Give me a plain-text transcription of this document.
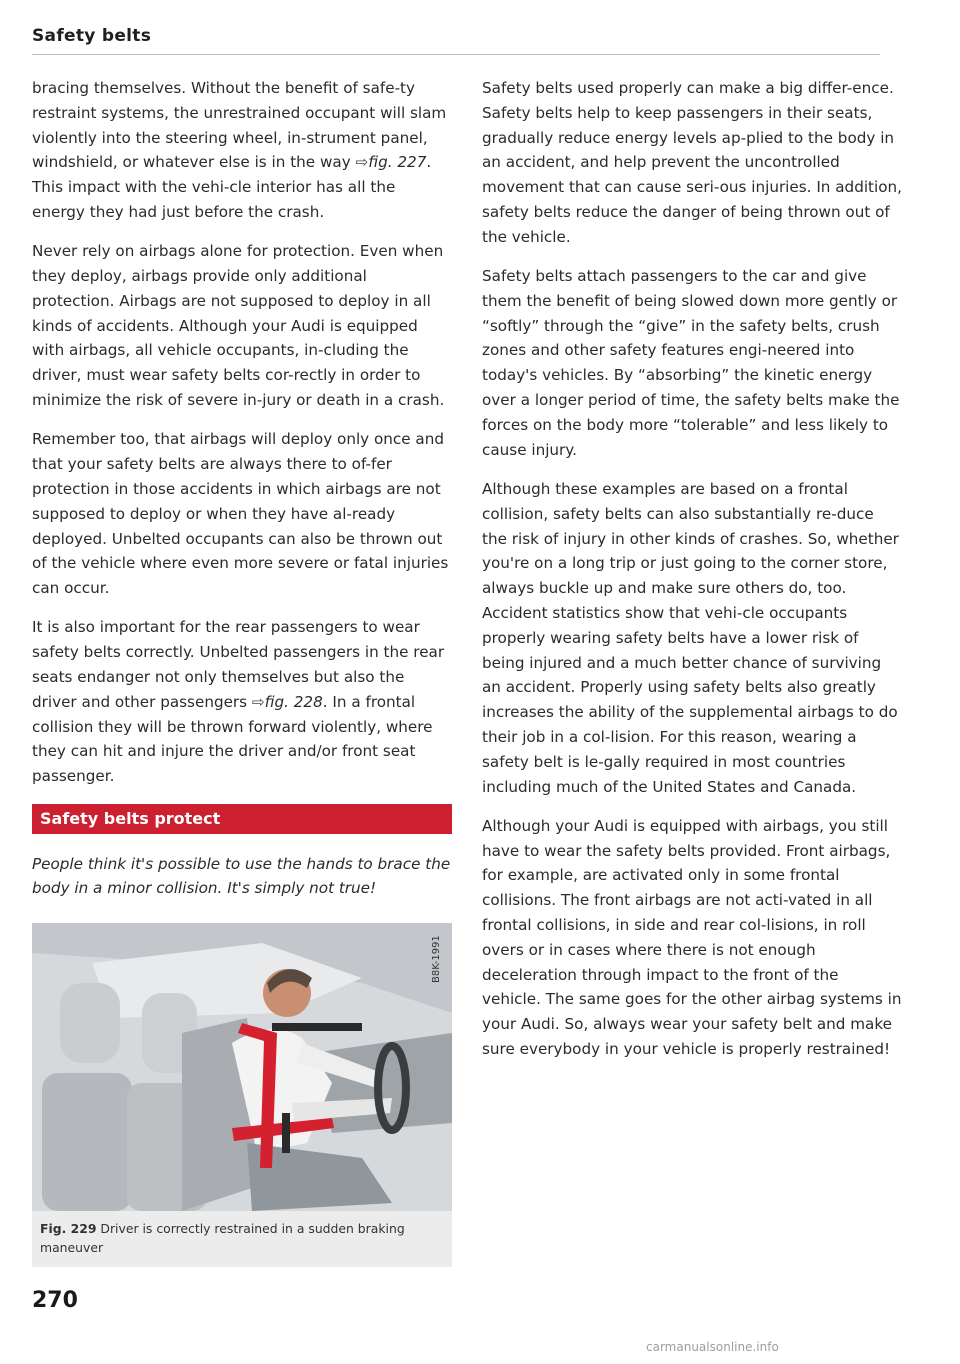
Safety belts

bracing themselves. Without the benefit of safe-ty restraint systems, the unrestrained occupant will slam violently into the steering wheel, in-strument panel, windshield, or whatever else is in the way ⇨fig. 227. This impact with the vehi-cle interior has all the energy they had just before the crash.

Never rely on airbags alone for protection. Even when they deploy, airbags provide only additional protection. Airbags are not supposed to deploy in all kinds of accidents. Although your Audi is equipped with airbags, all vehicle occupants, in-cluding the driver, must wear safety belts cor-rectly in order to minimize the risk of severe in-jury or death in a crash.

Remember too, that airbags will deploy only once and that your safety belts are always there to of-fer protection in those accidents in which airbags are not supposed to deploy or when they have al-ready deployed. Unbelted occupants can also be thrown out of the vehicle where even more severe or fatal injuries can occur.

It is also important for the rear passengers to wear safety belts correctly. Unbelted passengers in the rear seats endanger not only themselves but also the driver and other passengers ⇨fig. 228. In a frontal collision they will be thrown forward violently, where they can hit and injure the driver and/or front seat passenger.

Safety belts protect
People think it's possible to use the hands to brace the body in a minor collision. It's simply not true!
B8K-1991
Fig. 229 Driver is correctly restrained in a sudden braking maneuver

Safety belts used properly can make a big differ-ence. Safety belts help to keep passengers in their seats, gradually reduce energy levels ap-plied to the body in an accident, and help prevent the uncontrolled movement that can cause seri-ous injuries. In addition, safety belts reduce the danger of being thrown out of the vehicle.

Safety belts attach passengers to the car and give them the benefit of being slowed down more gently or “softly” through the “give” in the safety belts, crush zones and other safety features engi-neered into today's vehicles. By “absorbing” the kinetic energy over a longer period of time, the safety belts make the forces on the body more “tolerable” and less likely to cause injury.

Although these examples are based on a frontal collision, safety belts can also substantially re-duce the risk of injury in other kinds of crashes. So, whether you're on a long trip or just going to the corner store, always buckle up and make sure others do, too. Accident statistics show that vehi-cle occupants properly wearing safety belts have a lower risk of being injured and a much better chance of surviving an accident. Properly using safety belts also greatly increases the ability of the supplemental airbags to do their job in a col-lision. For this reason, wearing a safety belt is le-gally required in most countries including much of the United States and Canada.

Although your Audi is equipped with airbags, you still have to wear the safety belts provided. Front airbags, for example, are activated only in some frontal collisions. The front airbags are not acti-vated in all frontal collisions, in side and rear col-lisions, in roll overs or in cases where there is not enough deceleration through impact to the front of the vehicle. The same goes for the other airbag systems in your Audi. So, always wear your safety belt and make sure everybody in your vehicle is properly restrained!

270
carmanualsonline.info
